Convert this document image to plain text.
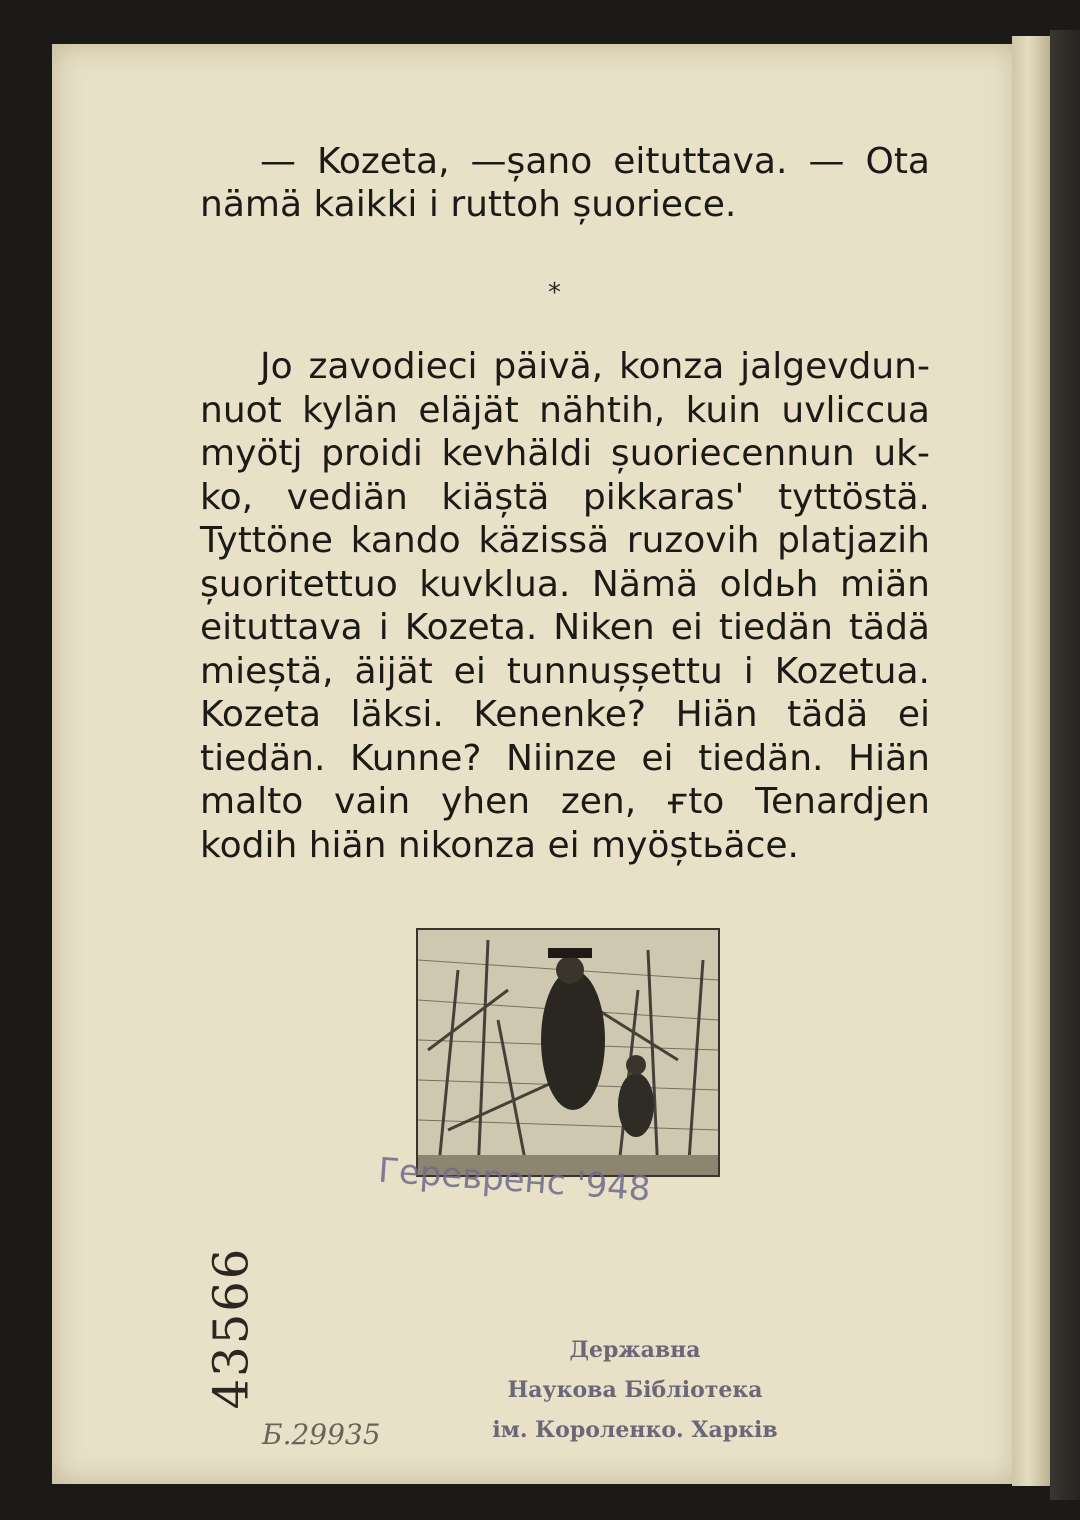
— Kozeta, —șano eituttava. — Ota
nämä kaikki i ruttoh șuoriece.
*
Jo zavodieci päivä, konza jalgevdun-
nuot kylän eläjät nähtih, kuin uvliccua
myötj proidi kevhäldi șuoriecennun uk-
ko, vediän kiäștä pikkaras' tyttöstä.
Tyttöne kando käzissä ruzovih platjazih
șuoritettuo kuvklua. Nämä oldьh miän
eituttava i Kozeta. Niken ei tiedän tädä
mieștä, äijät ei tunnușșettu i Kozetua.
Kozeta läksi. Kenenke? Hiän tädä ei
tiedän. Kunne? Niinze ei tiedän. Hiän
malto vain yhen zen, ғto Tenardjen
kodih hiän nikonza ei myöștьäce.
Геревренс '948
43566	Державна
Наукова Бібліотека
ім. Короленко. Харків
Б.29935
